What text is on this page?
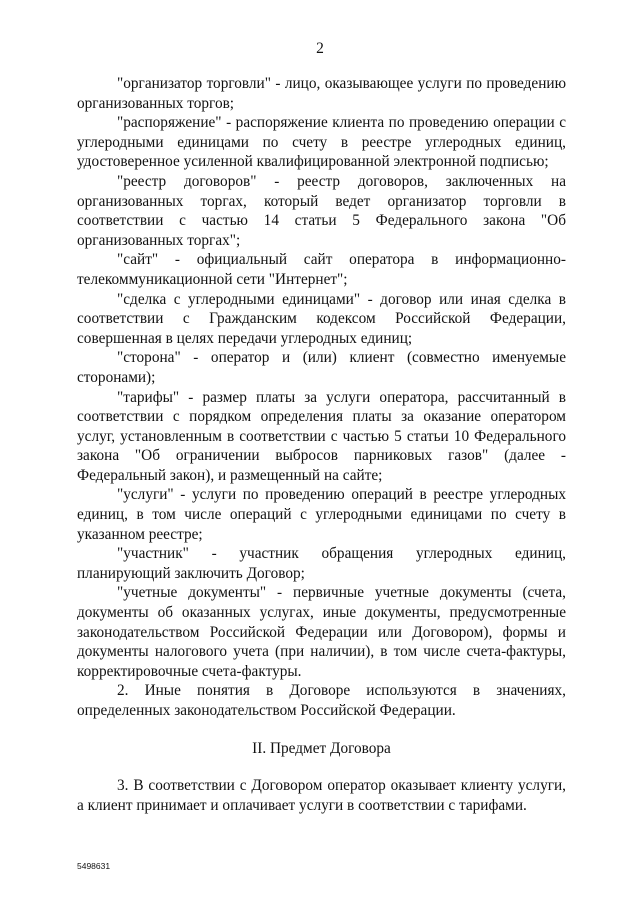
2

"организатор торговли" - лицо, оказывающее услуги по проведению организованных торгов;

"распоряжение" - распоряжение клиента по проведению операции с углеродными единицами по счету в реестре углеродных единиц, удостоверенное усиленной квалифицированной электронной подписью;

"реестр договоров" - реестр договоров, заключенных на организованных торгах, который ведет организатор торговли в соответствии с частью 14 статьи 5 Федерального закона "Об организованных торгах";

"сайт" - официальный сайт оператора в информационно-телекоммуникационной сети "Интернет";

"сделка с углеродными единицами" - договор или иная сделка в соответствии с Гражданским кодексом Российской Федерации, совершенная в целях передачи углеродных единиц;

"сторона" - оператор и (или) клиент (совместно именуемые сторонами);

"тарифы" - размер платы за услуги оператора, рассчитанный в соответствии с порядком определения платы за оказание оператором услуг, установленным в соответствии с частью 5 статьи 10 Федерального закона "Об ограничении выбросов парниковых газов" (далее - Федеральный закон), и размещенный на сайте;

"услуги" - услуги по проведению операций в реестре углеродных единиц, в том числе операций с углеродными единицами по счету в указанном реестре;

"участник" - участник обращения углеродных единиц, планирующий заключить Договор;

"учетные документы" - первичные учетные документы (счета, документы об оказанных услугах, иные документы, предусмотренные законодательством Российской Федерации или Договором), формы и документы налогового учета (при наличии), в том числе счета-фактуры, корректировочные счета-фактуры.

2. Иные понятия в Договоре используются в значениях, определенных законодательством Российской Федерации.

II. Предмет Договора

3. В соответствии с Договором оператор оказывает клиенту услуги, а клиент принимает и оплачивает услуги в соответствии с тарифами.

5498631
